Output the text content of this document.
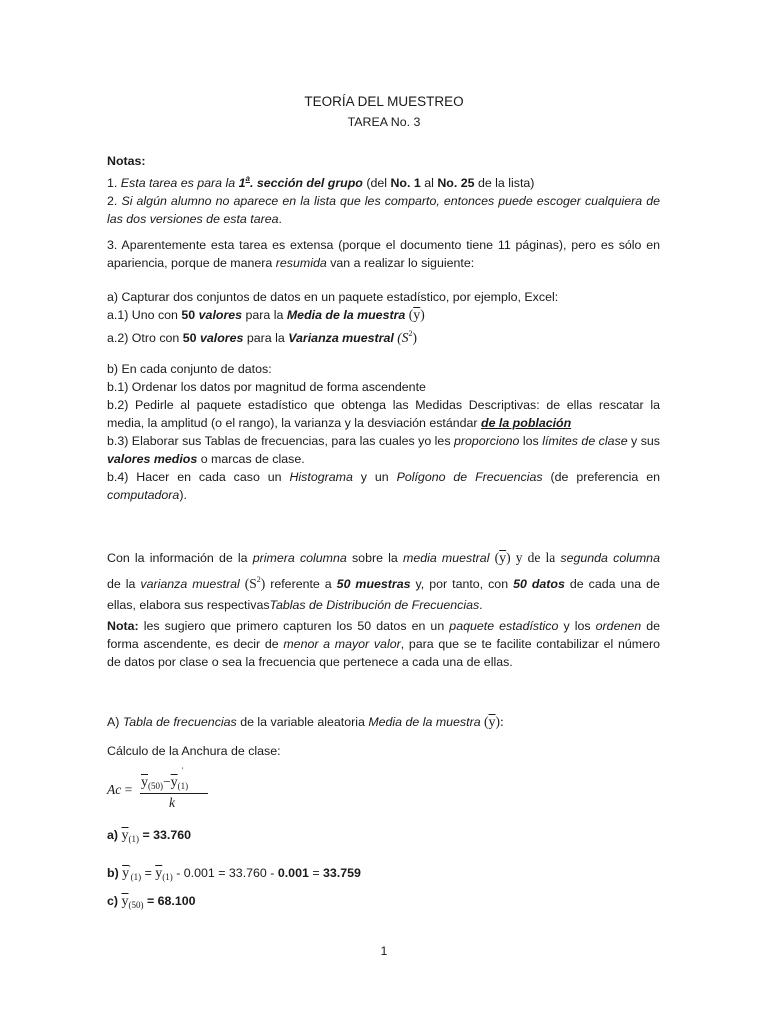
TEORÍA DEL MUESTREO
TAREA No. 3
Notas:
1. Esta tarea es para la 1$^a$. sección del grupo (del No. 1 al No. 25 de la lista)
2. Si algún alumno no aparece en la lista que les comparto, entonces puede escoger cualquiera de
las dos versiones de esta tarea.
3. Aparentemente esta tarea es extensa (porque el documento tiene 11 páginas), pero es sólo en
apariencia, porque de manera resumida van a realizar lo siguiente:
a) Capturar dos conjuntos de datos en un paquete estadístico, por ejemplo, Excel:
a.1) Uno con 50 valores para la Media de la muestra $(\overline{y})$
a.2) Otro con 50 valores para la Varianza muestral $(S^2)$
b) En cada conjunto de datos:
b.1) Ordenar los datos por magnitud de forma ascendente
b.2) Pedirle al paquete estadístico que obtenga las Medidas Descriptivas: de ellas rescatar la
media, la amplitud (o el rango), la varianza y la desviación estándar de la población
b.3) Elaborar sus Tablas de frecuencias, para las cuales yo les proporciono los límites de clase y sus
valores medios o marcas de clase.
b.4) Hacer en cada caso un Histograma y un Polígono de Frecuencias (de preferencia en
computadora).
Con la información de la primera columna sobre la media muestral $(\overline{y})$ y de la segunda columna
de la varianza muestral $(S^2)$ referente a 50 muestras y, por tanto, con 50 datos de cada una de
ellas, elabora sus respectivasTablas de Distribución de Frecuencias.
Nota: les sugiero que primero capturen los 50 datos en un paquete estadístico y los ordenen de
forma ascendente, es decir de menor a mayor valor, para que se te facilite contabilizar el número
de datos por clase o sea la frecuencia que pertenece a cada una de ellas.
A) Tabla de frecuencias de la variable aleatoria Media de la muestra $(\overline{y})$:
Cálculo de la Anchura de clase:
$Ac = \overline{y}_{(50)}-\overline{y}_{(1)}$
'
k
a) $\overline{y}_{(1)} = 33.760$
b) $\overline{y}'_{(1)} = \overline{y}_{(1)} - 0.001 = 33.760 - 0.001 = 33.759$
c) $\overline{y}_{(50)} = 68.100$
1
